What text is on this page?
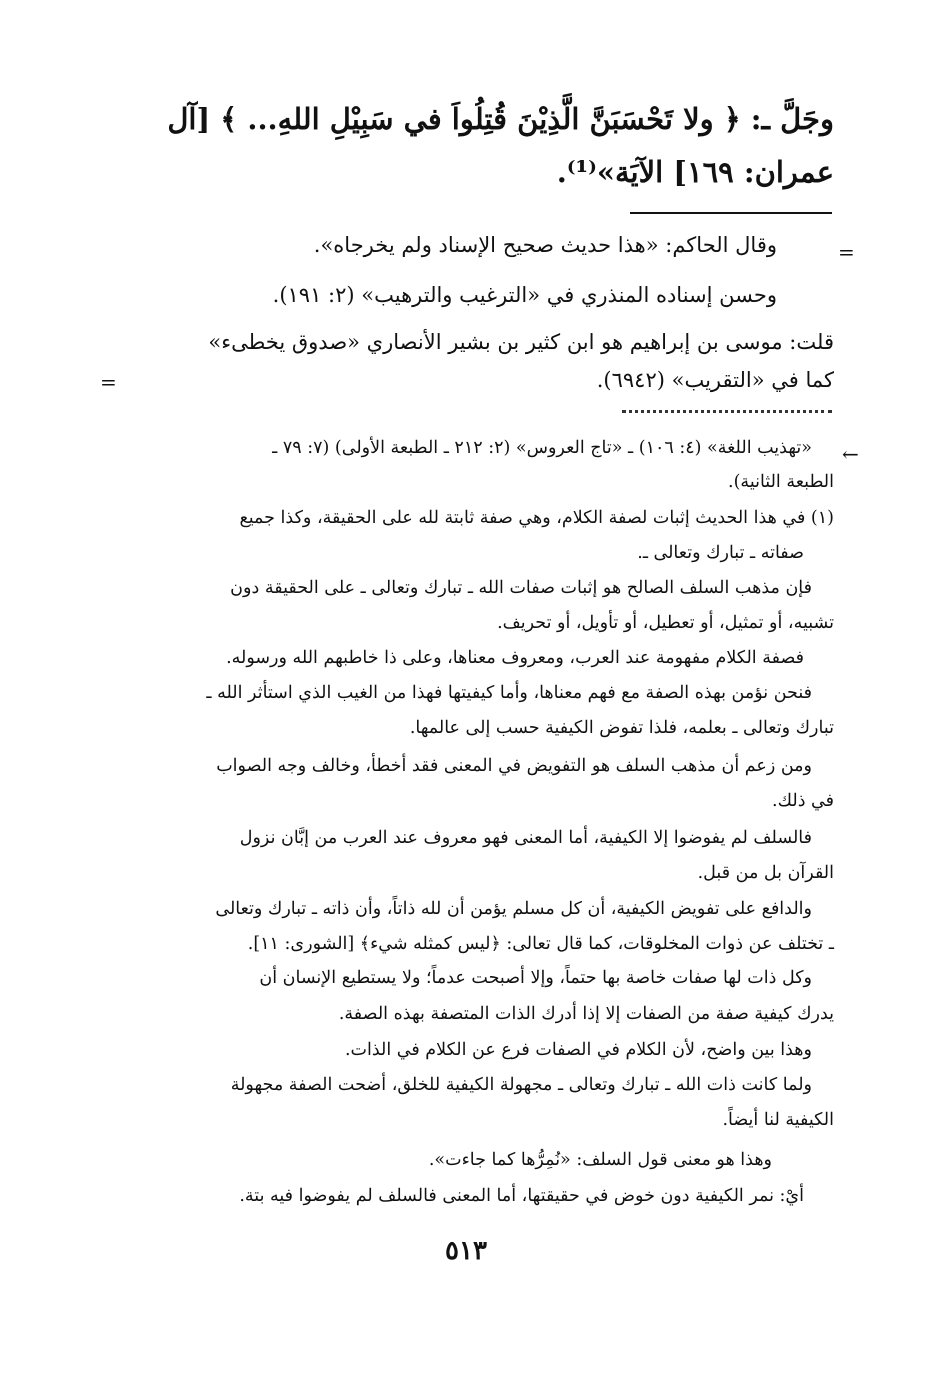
وجَلَّ ـ: ﴿ ولا تَحْسَبَنَّ الَّذِيْنَ قُتِلُواَ في سَبِيْلِ اللهِ... ﴾ [آل
عمران: ١٦٩] الآيَة»⁽¹⁾.
=
وقال الحاكم: «هذا حديث صحيح الإسناد ولم يخرجاه».
وحسن إسناده المنذري في «الترغيب والترهيب» (٢: ١٩١).
قلت: موسى بن إبراهيم هو ابن كثير بن بشير الأنصاري «صدوق يخطىء»
كما في «التقريب» (٦٩٤٢).
=
←
«تهذيب اللغة» (٤: ١٠٦) ـ «تاج العروس» (٢: ٢١٢ ـ الطبعة الأولى) (٧: ٧٩ ـ
الطبعة الثانية).
(١) في هذا الحديث إثبات لصفة الكلام، وهي صفة ثابتة لله على الحقيقة، وكذا جميع
صفاته ـ تبارك وتعالى ـ.
فإن مذهب السلف الصالح هو إثبات صفات الله ـ تبارك وتعالى ـ على الحقيقة دون
تشبيه، أو تمثيل، أو تعطيل، أو تأويل، أو تحريف.
فصفة الكلام مفهومة عند العرب، ومعروف معناها، وعلى ذا خاطبهم الله ورسوله.
فنحن نؤمن بهذه الصفة مع فهم معناها، وأما كيفيتها فهذا من الغيب الذي استأثر الله ـ
تبارك وتعالى ـ بعلمه، فلذا تفوض الكيفية حسب إلى عالمها.
ومن زعم أن مذهب السلف هو التفويض في المعنى فقد أخطأ، وخالف وجه الصواب
في ذلك.
فالسلف لم يفوضوا إلا الكيفية، أما المعنى فهو معروف عند العرب من إبَّان نزول
القرآن بل من قبل.
والدافع على تفويض الكيفية، أن كل مسلم يؤمن أن لله ذاتاً، وأن ذاته ـ تبارك وتعالى
ـ تختلف عن ذوات المخلوقات، كما قال تعالى: ﴿ليس كمثله شيء﴾ [الشورى: ١١].
وكل ذات لها صفات خاصة بها حتماً، وإلا أصبحت عدماً؛ ولا يستطيع الإنسان أن
يدرك كيفية صفة من الصفات إلا إذا أدرك الذات المتصفة بهذه الصفة.
وهذا بين واضح، لأن الكلام في الصفات فرع عن الكلام في الذات.
ولما كانت ذات الله ـ تبارك وتعالى ـ مجهولة الكيفية للخلق، أضحت الصفة مجهولة
الكيفية لنا أيضاً.
وهذا هو معنى قول السلف: «نُمِرُّها كما جاءت».
أيْ: نمر الكيفية دون خوض في حقيقتها، أما المعنى فالسلف لم يفوضوا فيه بتة.
٥١٣
